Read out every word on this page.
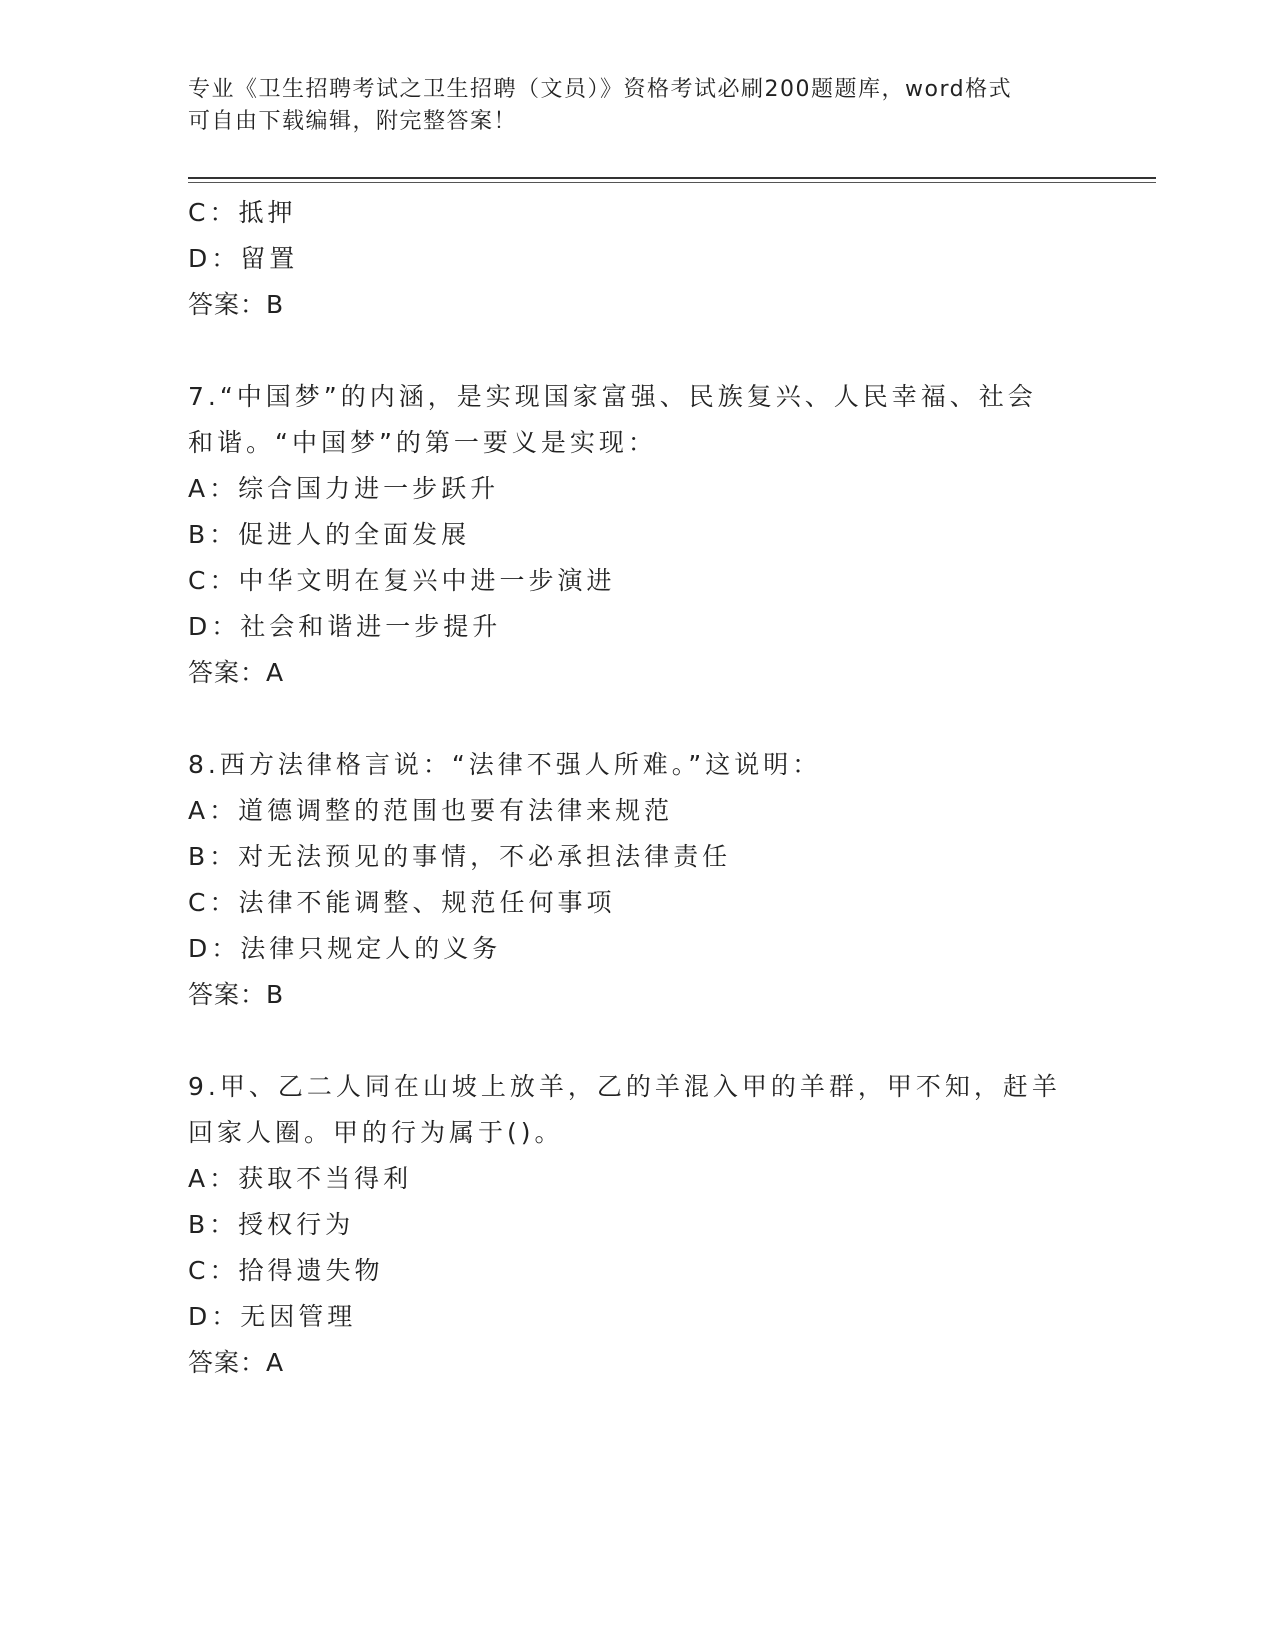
专业《卫生招聘考试之卫生招聘（文员）》资格考试必刷200题题库，word格式
可自由下载编辑，附完整答案！
C：抵押
D：留置
答案：B
7.“中国梦”的内涵，是实现国家富强、民族复兴、人民幸福、社会
和谐。“中国梦”的第一要义是实现：
A：综合国力进一步跃升
B：促进人的全面发展
C：中华文明在复兴中进一步演进
D：社会和谐进一步提升
答案：A
8.西方法律格言说：“法律不强人所难。”这说明：
A：道德调整的范围也要有法律来规范
B：对无法预见的事情，不必承担法律责任
C：法律不能调整、规范任何事项
D：法律只规定人的义务
答案：B
9.甲、乙二人同在山坡上放羊，乙的羊混入甲的羊群，甲不知，赶羊
回家人圈。甲的行为属于()。
A：获取不当得利
B：授权行为
C：拾得遗失物
D：无因管理
答案：A
